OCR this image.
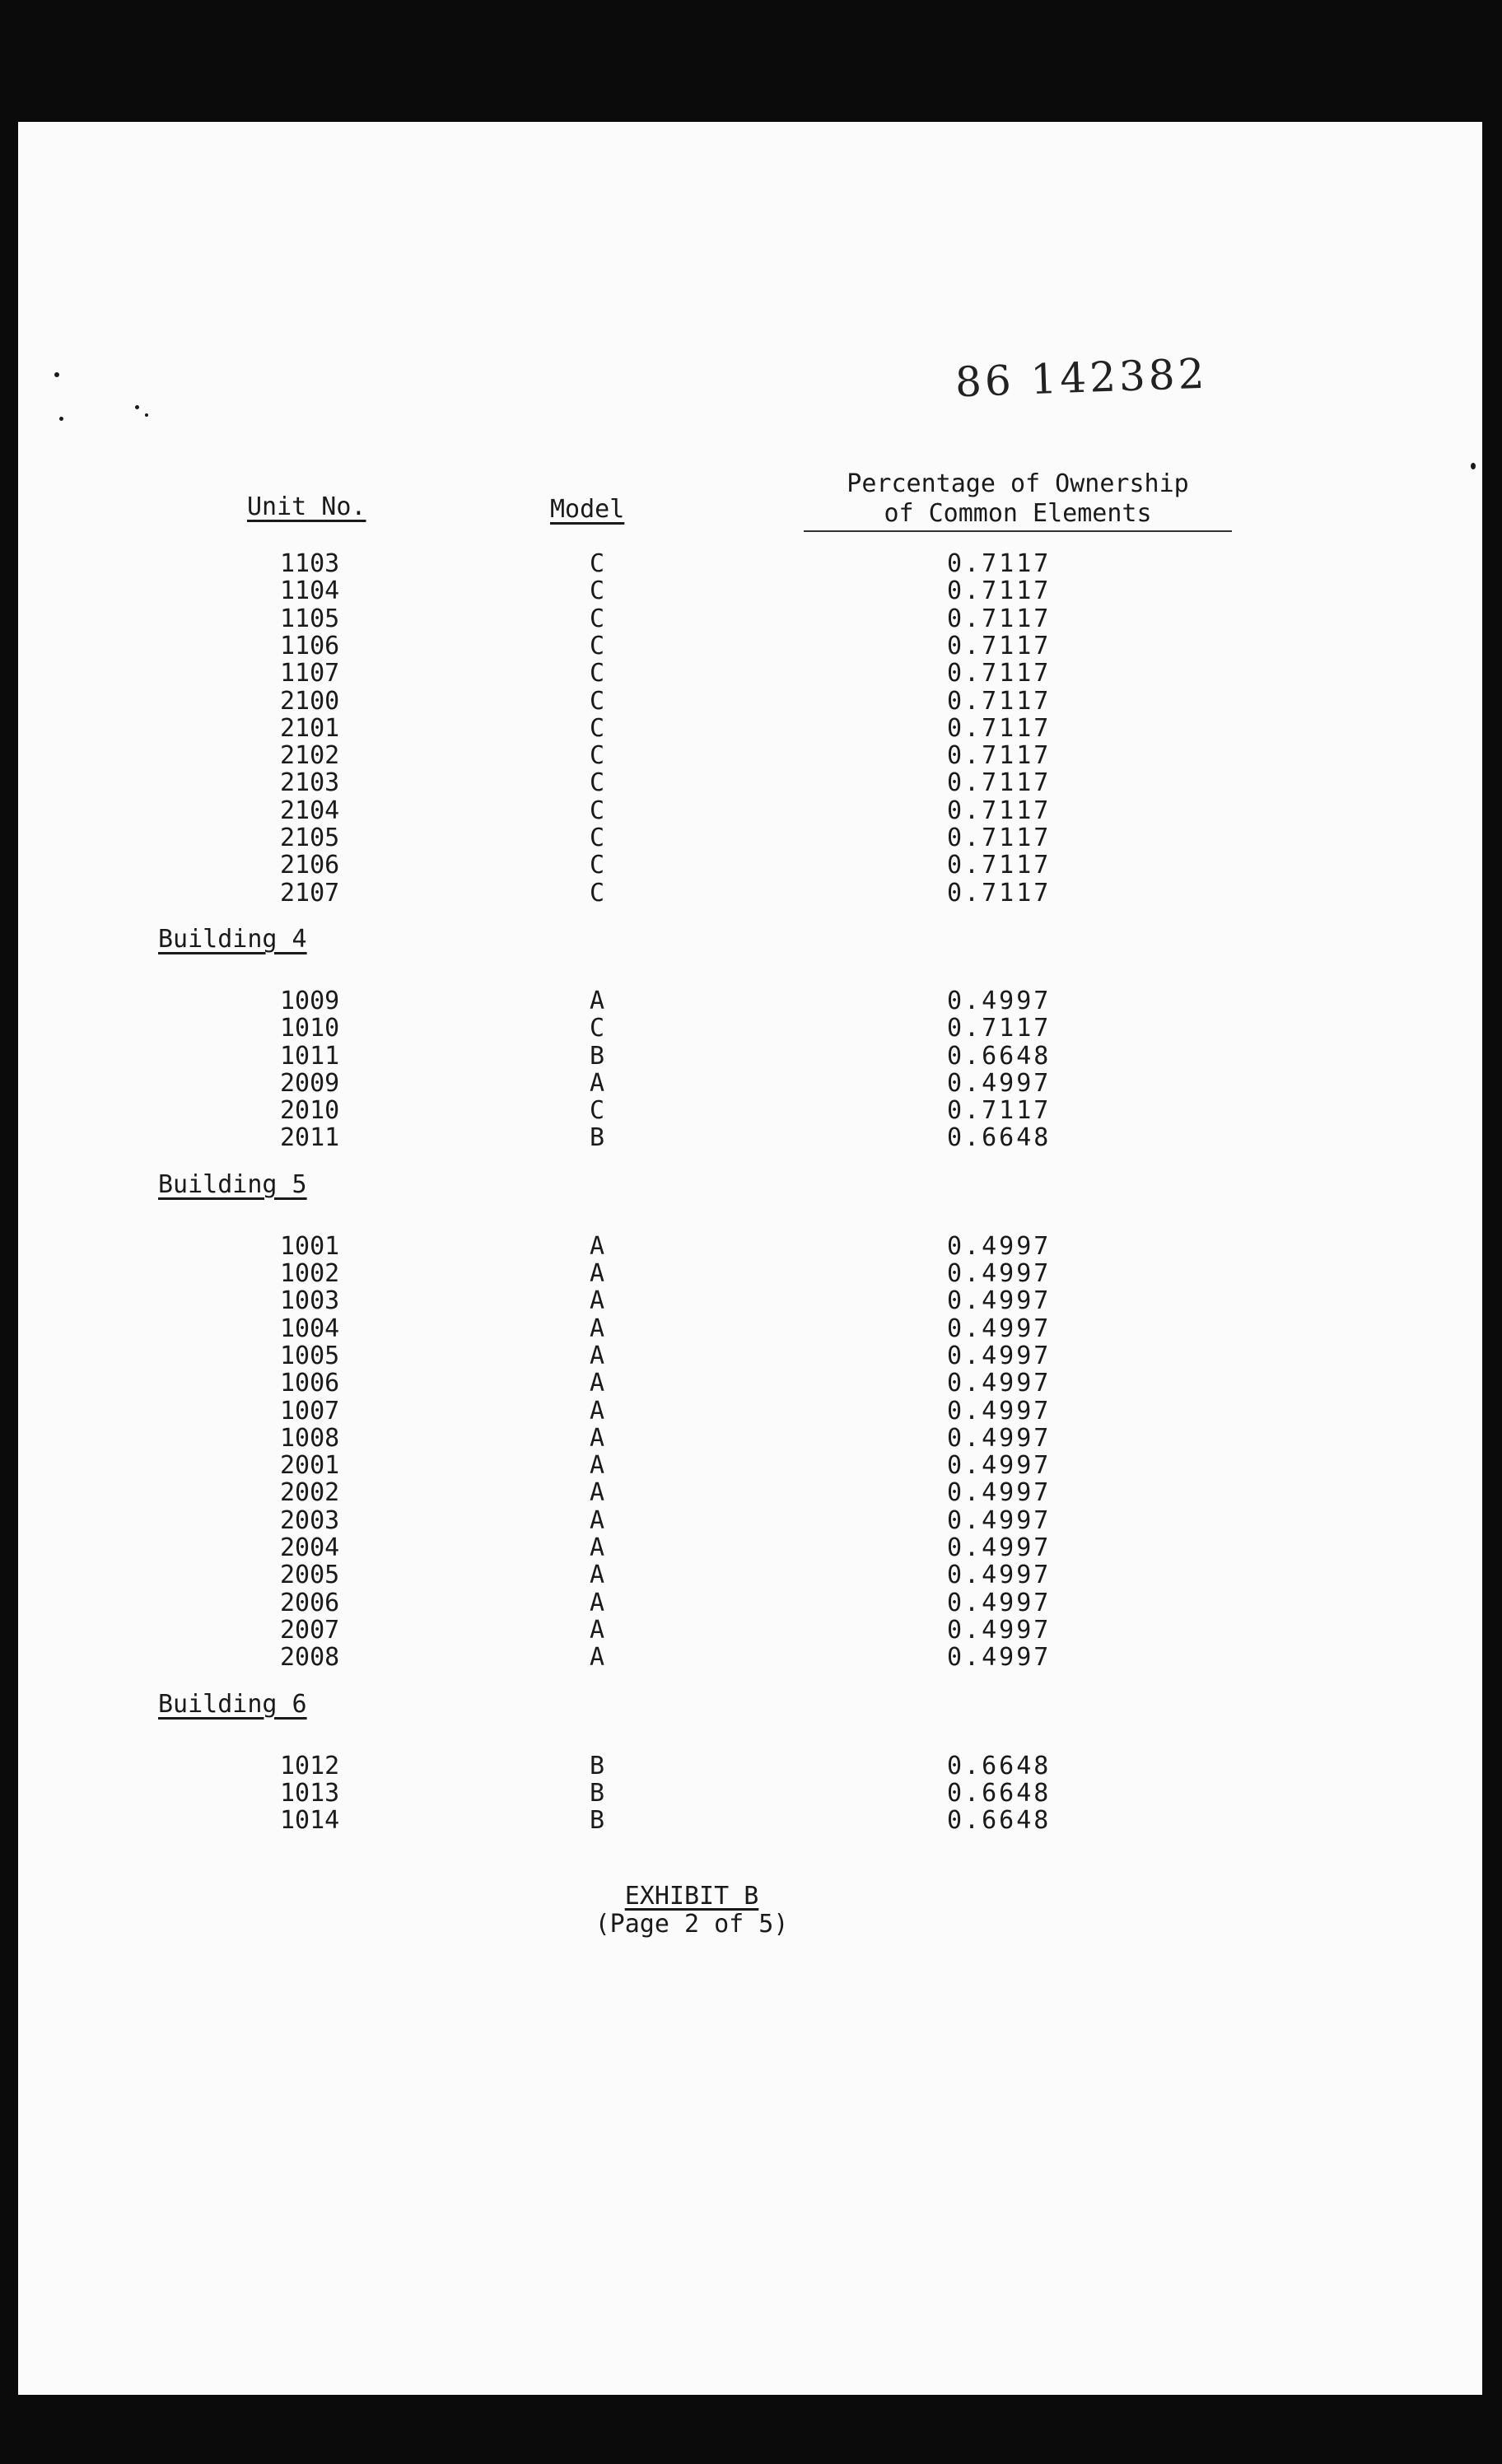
86 142382
Unit No.	Model
Percentage of Ownership
of Common Elements
1103	C	0.7117
1104	C	0.7117
1105	C	0.7117
1106	C	0.7117
1107	C	0.7117
2100	C	0.7117
2101	C	0.7117
2102	C	0.7117
2103	C	0.7117
2104	C	0.7117
2105	C	0.7117
2106	C	0.7117
2107	C	0.7117
Building 4
1009	A	0.4997
1010	C	0.7117
1011	B	0.6648
2009	A	0.4997
2010	C	0.7117
2011	B	0.6648
Building 5
1001	A	0.4997
1002	A	0.4997
1003	A	0.4997
1004	A	0.4997
1005	A	0.4997
1006	A	0.4997
1007	A	0.4997
1008	A	0.4997
2001	A	0.4997
2002	A	0.4997
2003	A	0.4997
2004	A	0.4997
2005	A	0.4997
2006	A	0.4997
2007	A	0.4997
2008	A	0.4997
Building 6
1012	B	0.6648
1013	B	0.6648
1014	B	0.6648
EXHIBIT B
(Page 2 of 5)
